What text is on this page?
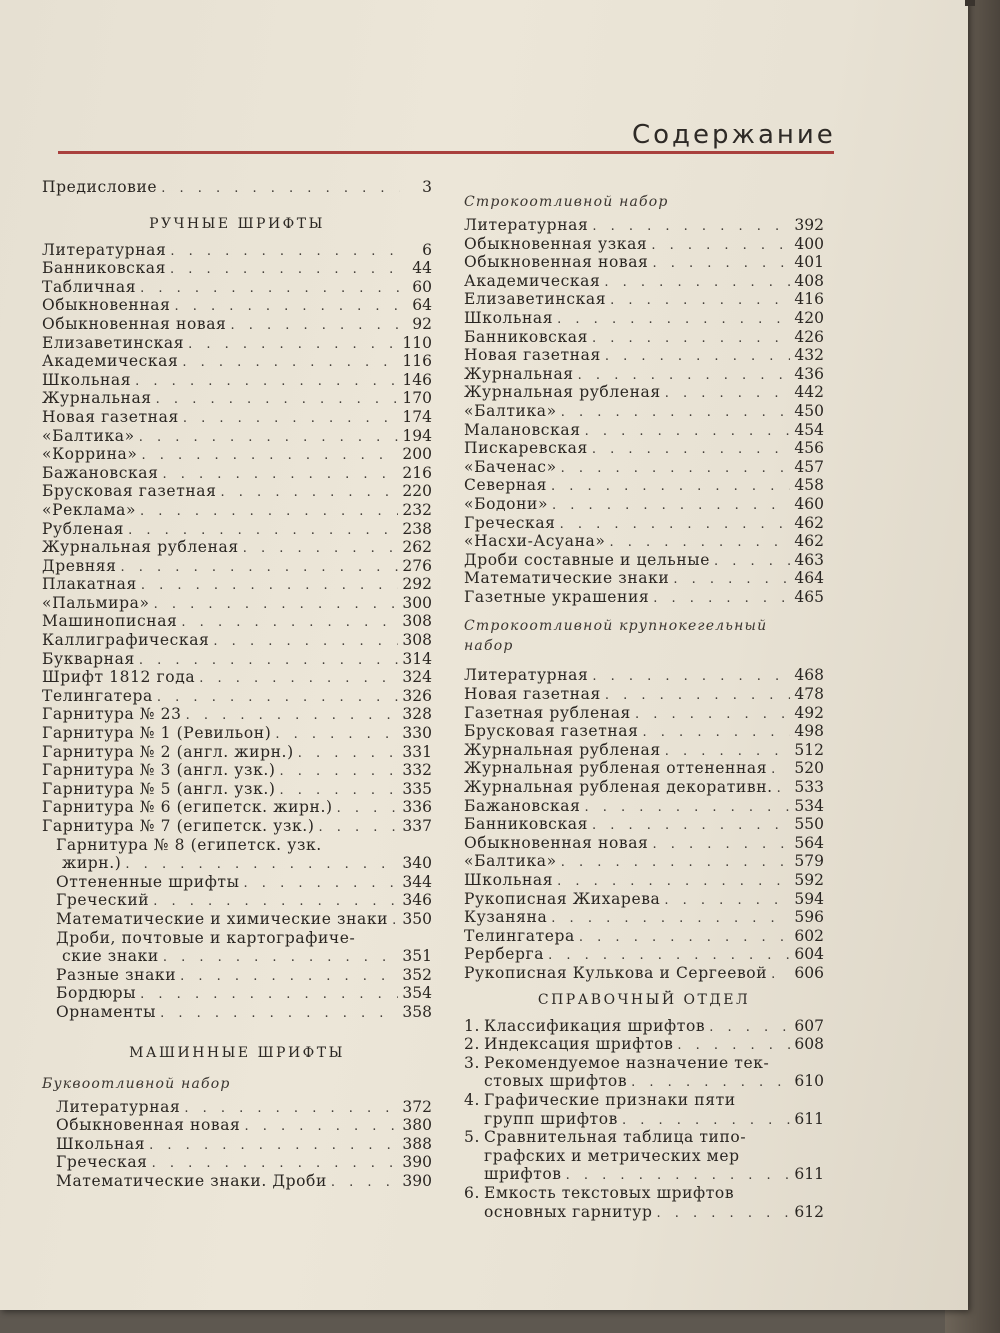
Содержание
Предисловие . . .	3
РУЧНЫЕ ШРИФТЫ
Литературная . . .	6
Банниковская . . .	44
Табличная . . .	60
Обыкновенная . . .	64
Обыкновенная новая . . .	92
Елизаветинская . . .	110
Академическая . . .	116
Школьная . . .	146
Журнальная . . .	170
Новая газетная . . .	174
«Балтика» . . .	194
«Коррина» . . .	200
Бажановская . . .	216
Брусковая газетная . . .	220
«Реклама» . . .	232
Рубленая . . .	238
Журнальная рубленая . . .	262
Древняя . . .	276
Плакатная . . .	292
«Пальмира» . . .	300
Машинописная . . .	308
Каллиграфическая . . .	308
Букварная . . .	314
Шрифт 1812 года . . .	324
Телингатера . . .	326
Гарнитура № 23 . . .	328
Гарнитура № 1 (Ревильон) . . .	330
Гарнитура № 2 (англ. жирн.) . . .	331
Гарнитура № 3 (англ. узк.) . . .	332
Гарнитура № 5 (англ. узк.) . . .	335
Гарнитура № 6 (египетск. жирн.) . . .	336
Гарнитура № 7 (египетск. узк.) . . .	337
Гарнитура № 8 (египетск. узк.
жирн.) . . .	340
Оттененные шрифты . . .	344
Греческий . . .	346
Математические и химические знаки . . . 350
Дроби, почтовые и картографиче-
ские знаки . . .	351
Разные знаки . . .	352
Бордюры . . .	354
Орнаменты . . .	358
МАШИННЫЕ ШРИФТЫ
Буквоотливной набор
Литературная . . .	372
Обыкновенная новая . . .	380
Школьная . . .	388
Греческая . . .	390
Математические знаки. Дроби . . .	390
Строкоотливной набор
Литературная . . .	392
Обыкновенная узкая . . .	400
Обыкновенная новая . . .	401
Академическая . . .	408
Елизаветинская . . .	416
Школьная . . .	420
Банниковская . . .	426
Новая газетная . . .	432
Журнальная . . .	436
Журнальная рубленая . . .	442
«Балтика» . . .	450
Малановская . . .	454
Пискаревская . . .	456
«Баченас» . . .	457
Северная . . .	458
«Бодони» . . .	460
Греческая . . .	462
«Насхи-Асуана» . . .	462
Дроби составные и цельные . . .	463
Математические знаки . . .	464
Газетные украшения . . .	465
Строкоотливной крупнокегельный
набор
Литературная . . .	468
Новая газетная . . .	478
Газетная рубленая . . .	492
Брусковая газетная . . .	498
Журнальная рубленая . . .	512
Журнальная рубленая оттененная . . . 520
Журнальная рубленая декоративн. . . . 533
Бажановская . . .	534
Банниковская . . .	550
Обыкновенная новая . . .	564
«Балтика» . . .	579
Школьная . . .	592
Рукописная Жихарева . . .	594
Кузаняна . . .	596
Телингатера . . .	602
Рерберга . . .	604
Рукописная Кулькова и Сергеевой . . . 606
СПРАВОЧНЫЙ ОТДЕЛ
1. Классификация шрифтов . . .	607
2. Индексация шрифтов . . .	608
3. Рекомендуемое назначение тек-
стовых шрифтов . . .	610
4. Графические признаки пяти
групп шрифтов . . .	611
5. Сравнительная таблица типо-
графских и метрических мер
шрифтов . . .	611
6. Емкость текстовых шрифтов
основных гарнитур . . .	612
